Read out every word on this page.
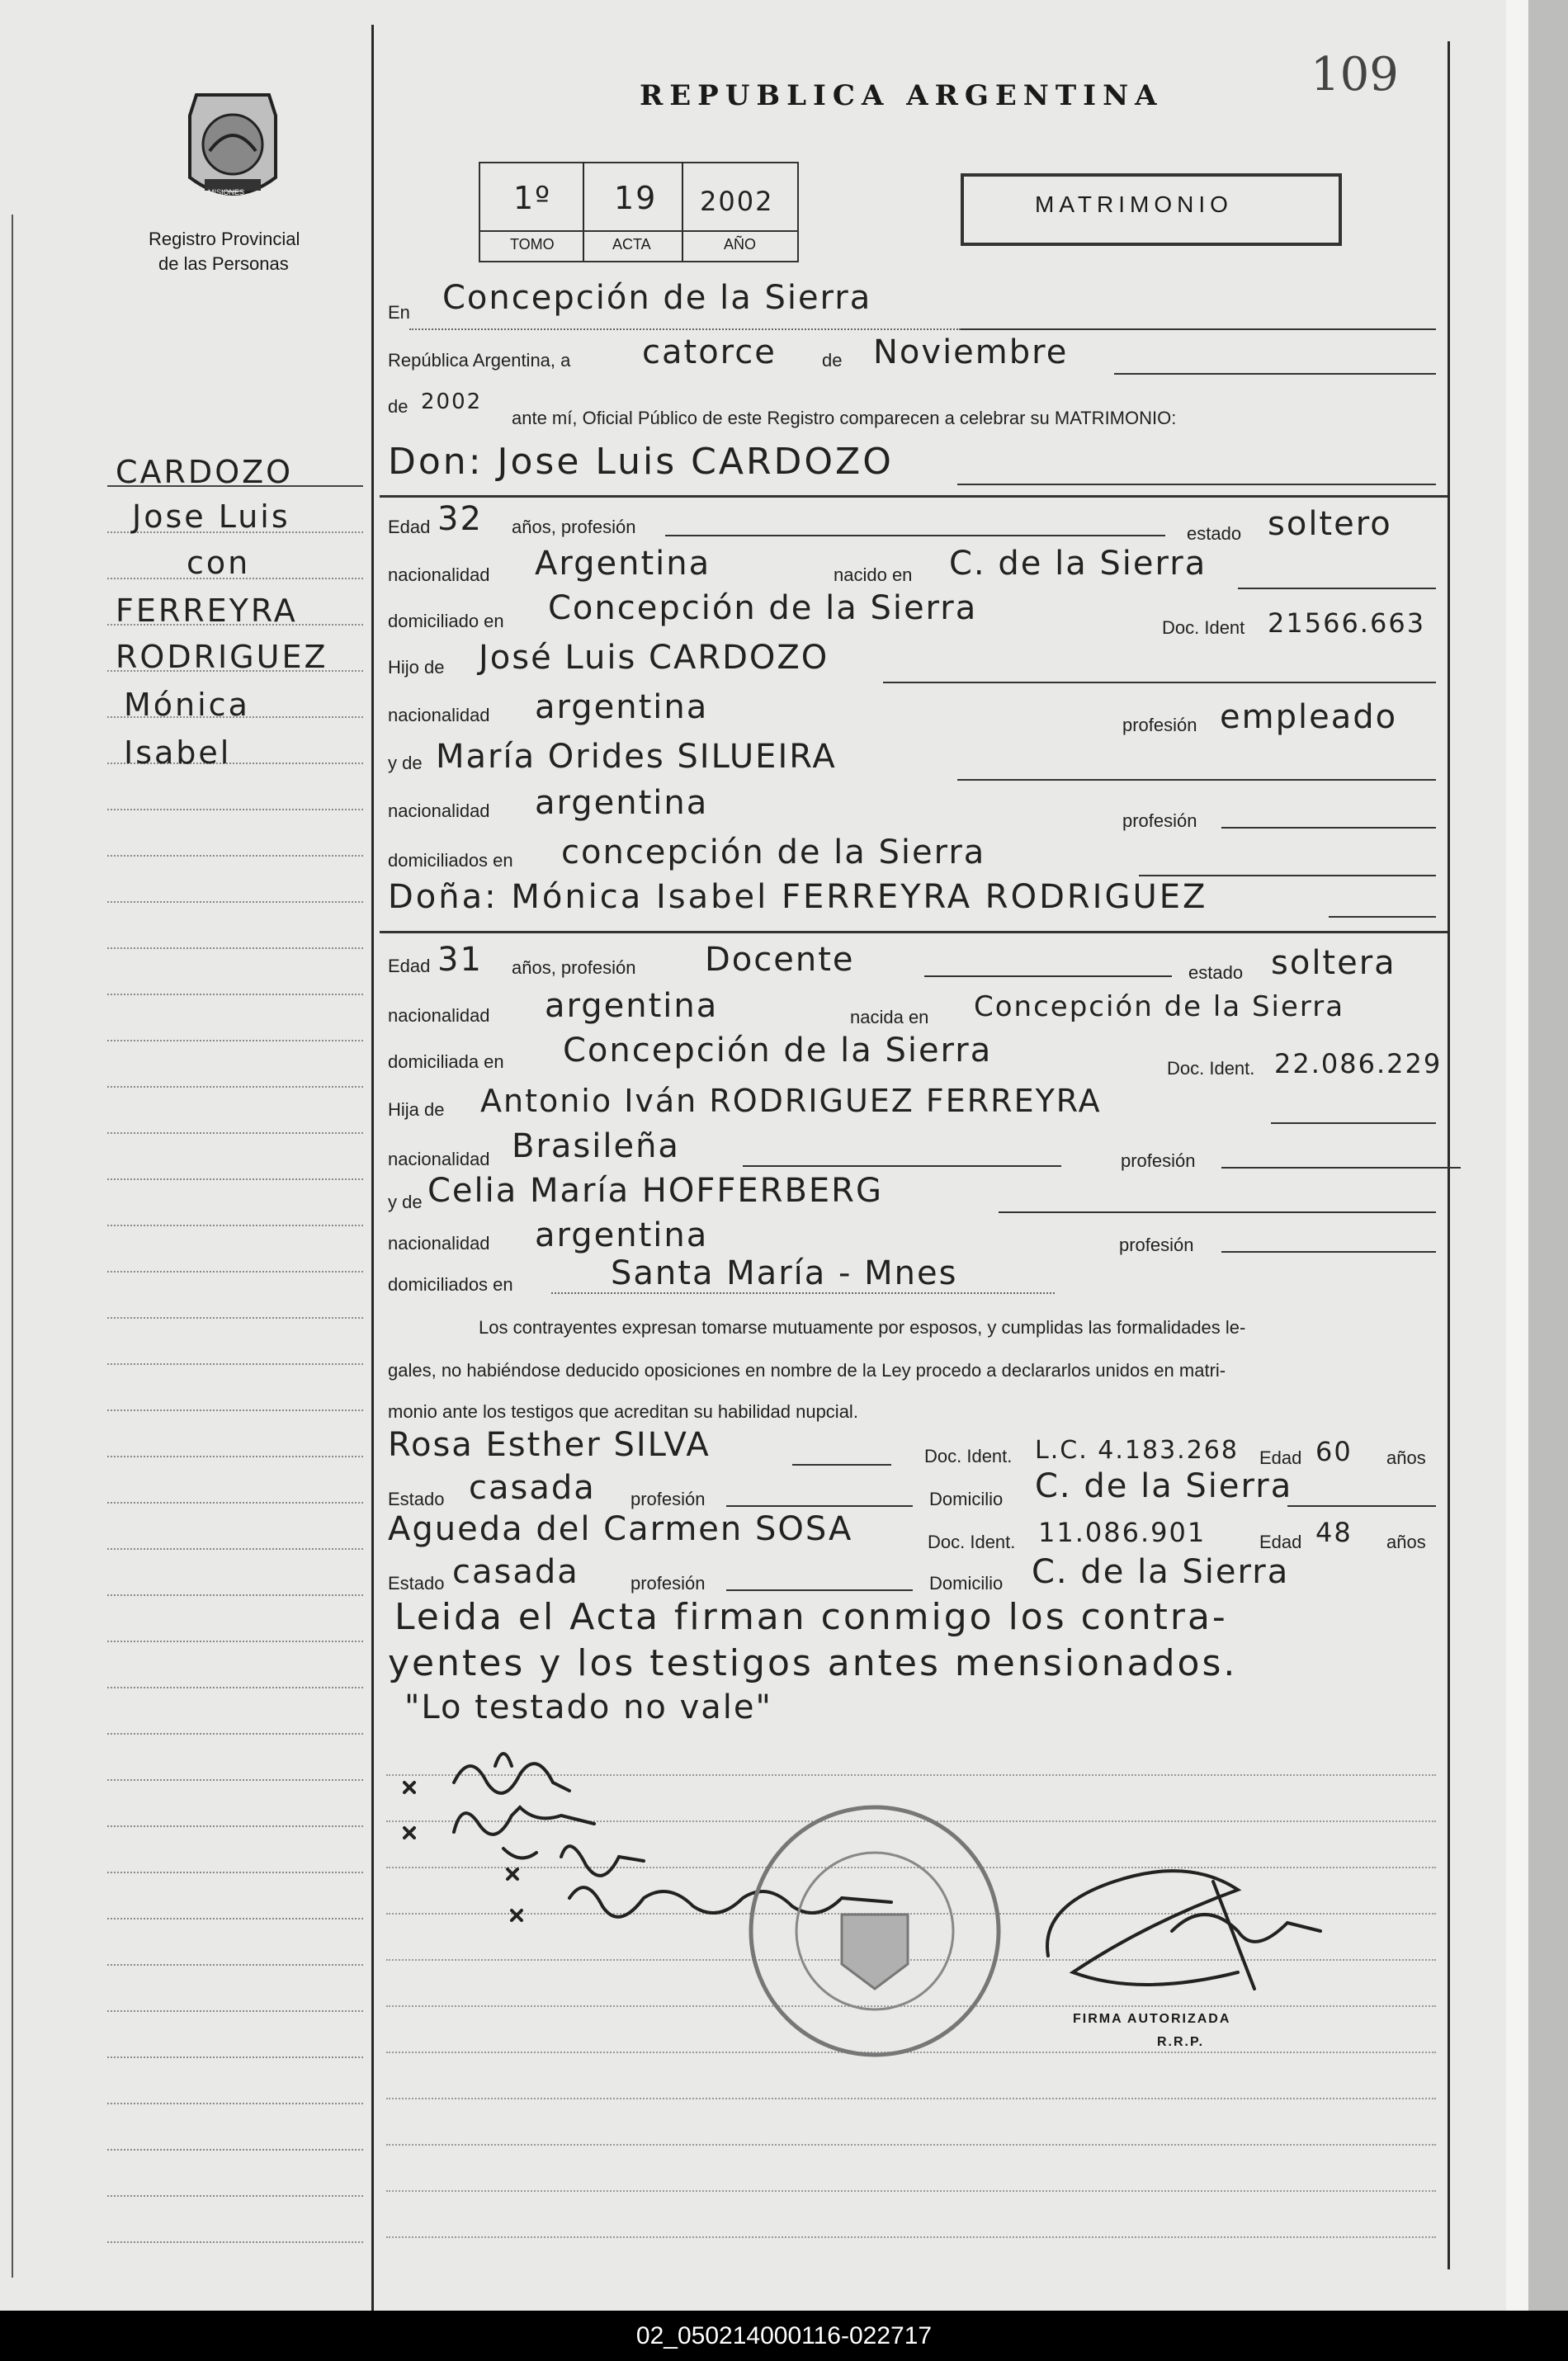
109
REPUBLICA ARGENTINA
MISIONES
Registro Provincial
de las Personas
1º 19 2002
TOMO	ACTA	AÑO
MATRIMONIO
CARDOZO
Jose Luis
con
FERREYRA
RODRIGUEZ
Mónica
Isabel
En Concepción de la Sierra
República Argentina, a catorce	de Noviembre
de 2002
ante mí, Oficial Público de este Registro comparecen a celebrar su MATRIMONIO:
Don: Jose Luis CARDOZO
Edad 32 años, profesión	estado soltero
nacionalidad Argentina	nacido en C. de la Sierra
domiciliado en Concepción de la Sierra
Doc. Ident 21566.663
Hijo de José Luis CARDOZO
nacionalidad argentina	profesión empleado
y de María Orides SILUEIRA
nacionalidad argentina	profesión
domiciliados en concepción de la Sierra
Doña: Mónica Isabel FERREYRA RODRIGUEZ
Edad 31 años, profesión Docente	estado soltera
nacionalidad argentina	nacida en Concepción de la Sierra
domiciliada en Concepción de la Sierra	Doc. Ident. 22.086.229
Hija de Antonio Iván RODRIGUEZ FERREYRA
nacionalidad Brasileña	profesión
y de Celia María HOFFERBERG
nacionalidad argentina	profesión
domiciliados en	Santa María - Mnes
Los contrayentes expresan tomarse mutuamente por esposos, y cumplidas las formalidades le-
gales, no habiéndose deducido oposiciones en nombre de la Ley procedo a declararlos unidos en matri-
monio ante los testigos que acreditan su habilidad nupcial.
Rosa Esther SILVA	Doc. Ident. L.C. 4.183.268 Edad 60 años
Estado casada profesión	Domicilio C. de la Sierra
Agueda del Carmen SOSA	Doc. Ident. 11.086.901	Edad 48 años
Estado casada	profesión	Domicilio C. de la Sierra
Leida el Acta firman conmigo los contra-
yentes y los testigos antes mensionados.
"Lo testado no vale"
FIRMA AUTORIZADA
R.R.P.
02_050214000116-022717
